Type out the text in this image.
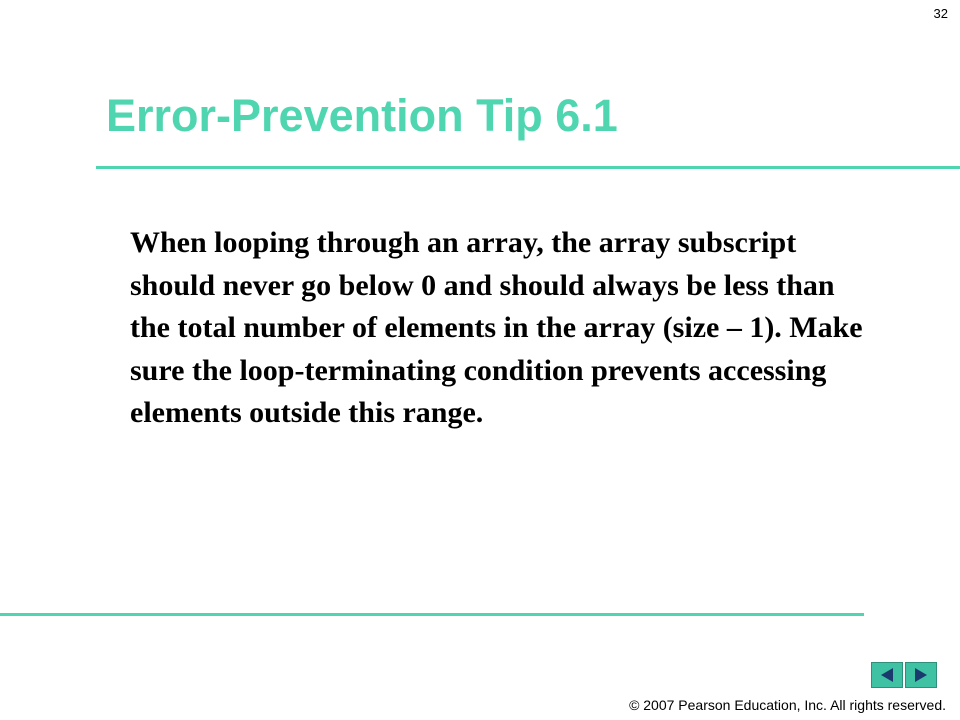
32
Error-Prevention Tip 6.1

When looping through an array, the array subscript should never go below 0 and should always be less than the total number of elements in the array (size – 1). Make sure the loop-terminating condition prevents accessing elements outside this range.

© 2007 Pearson Education, Inc. All rights reserved.
